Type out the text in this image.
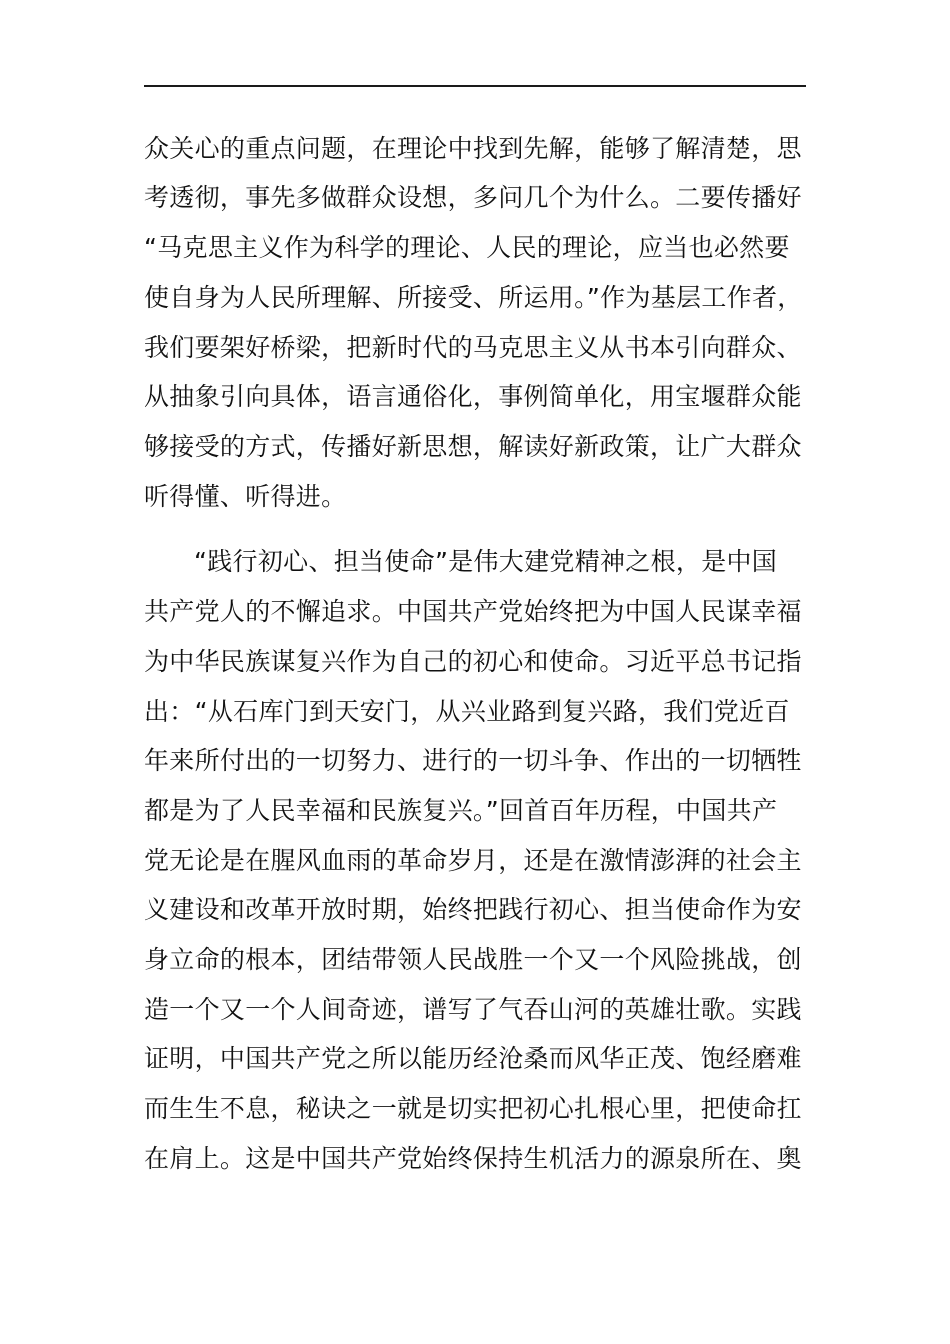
众关心的重点问题，在理论中找到先解，能够了解清楚，思
考透彻，事先多做群众设想，多问几个为什么。二要传播好
“马克思主义作为科学的理论、人民的理论，应当也必然要
使自身为人民所理解、所接受、所运用。”作为基层工作者，
我们要架好桥梁，把新时代的马克思主义从书本引向群众、
从抽象引向具体，语言通俗化，事例简单化，用宝堰群众能
够接受的方式，传播好新思想，解读好新政策，让广大群众
听得懂、听得进。
“践行初心、担当使命”是伟大建党精神之根，是中国
共产党人的不懈追求。中国共产党始终把为中国人民谋幸福
为中华民族谋复兴作为自己的初心和使命。习近平总书记指
出：“从石库门到天安门，从兴业路到复兴路，我们党近百
年来所付出的一切努力、进行的一切斗争、作出的一切牺牲
都是为了人民幸福和民族复兴。”回首百年历程，中国共产
党无论是在腥风血雨的革命岁月，还是在激情澎湃的社会主
义建设和改革开放时期，始终把践行初心、担当使命作为安
身立命的根本，团结带领人民战胜一个又一个风险挑战，创
造一个又一个人间奇迹，谱写了气吞山河的英雄壮歌。实践
证明，中国共产党之所以能历经沧桑而风华正茂、饱经磨难
而生生不息，秘诀之一就是切实把初心扎根心里，把使命扛
在肩上。这是中国共产党始终保持生机活力的源泉所在、奥
